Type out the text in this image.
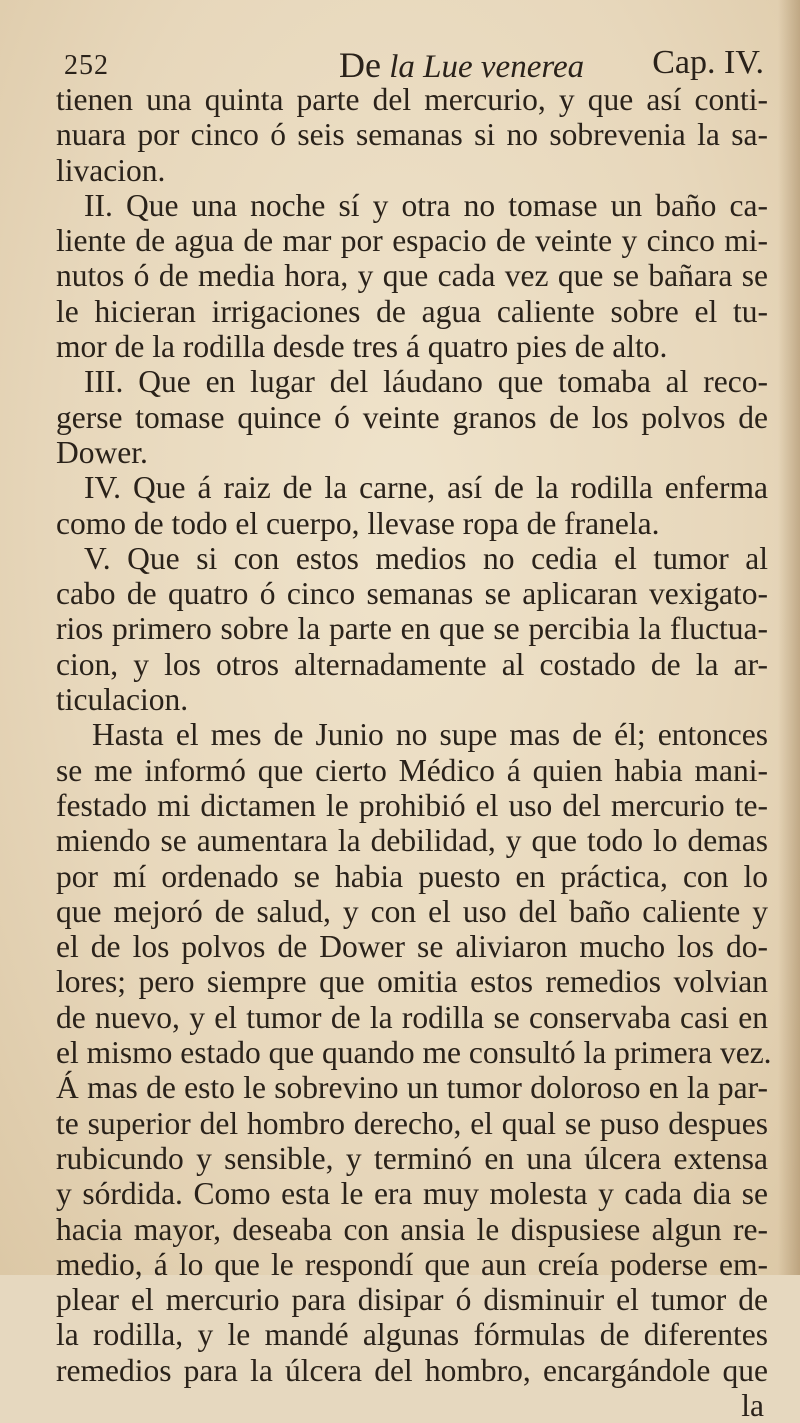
252	De la Lue venerea Cap. IV.
tienen una quinta parte del mercurio, y que así conti-
nuara por cinco ó seis semanas si no sobrevenia la sa-
livacion.
II. Que una noche sí y otra no tomase un baño ca-
liente de agua de mar por espacio de veinte y cinco mi-
nutos ó de media hora, y que cada vez que se bañara se
le hicieran irrigaciones de agua caliente sobre el tu-
mor de la rodilla desde tres á quatro pies de alto.
III. Que en lugar del láudano que tomaba al reco-
gerse tomase quince ó veinte granos de los polvos de
Dower.
IV. Que á raiz de la carne, así de la rodilla enferma
como de todo el cuerpo, llevase ropa de franela.
V. Que si con estos medios no cedia el tumor al
cabo de quatro ó cinco semanas se aplicaran vexigato-
rios primero sobre la parte en que se percibia la fluctua-
cion, y los otros alternadamente al costado de la ar-
ticulacion.
Hasta el mes de Junio no supe mas de él; entonces
se me informó que cierto Médico á quien habia mani-
festado mi dictamen le prohibió el uso del mercurio te-
miendo se aumentara la debilidad, y que todo lo demas
por mí ordenado se habia puesto en práctica, con lo
que mejoró de salud, y con el uso del baño caliente y
el de los polvos de Dower se aliviaron mucho los do-
lores; pero siempre que omitia estos remedios volvian
de nuevo, y el tumor de la rodilla se conservaba casi en
el mismo estado que quando me consultó la primera vez.
Á mas de esto le sobrevino un tumor doloroso en la par-
te superior del hombro derecho, el qual se puso despues
rubicundo y sensible, y terminó en una úlcera extensa
y sórdida. Como esta le era muy molesta y cada dia se
hacia mayor, deseaba con ansia le dispusiese algun re-
medio, á lo que le respondí que aun creía poderse em-
plear el mercurio para disipar ó disminuir el tumor de
la rodilla, y le mandé algunas fórmulas de diferentes
remedios para la úlcera del hombro, encargándole que
la
